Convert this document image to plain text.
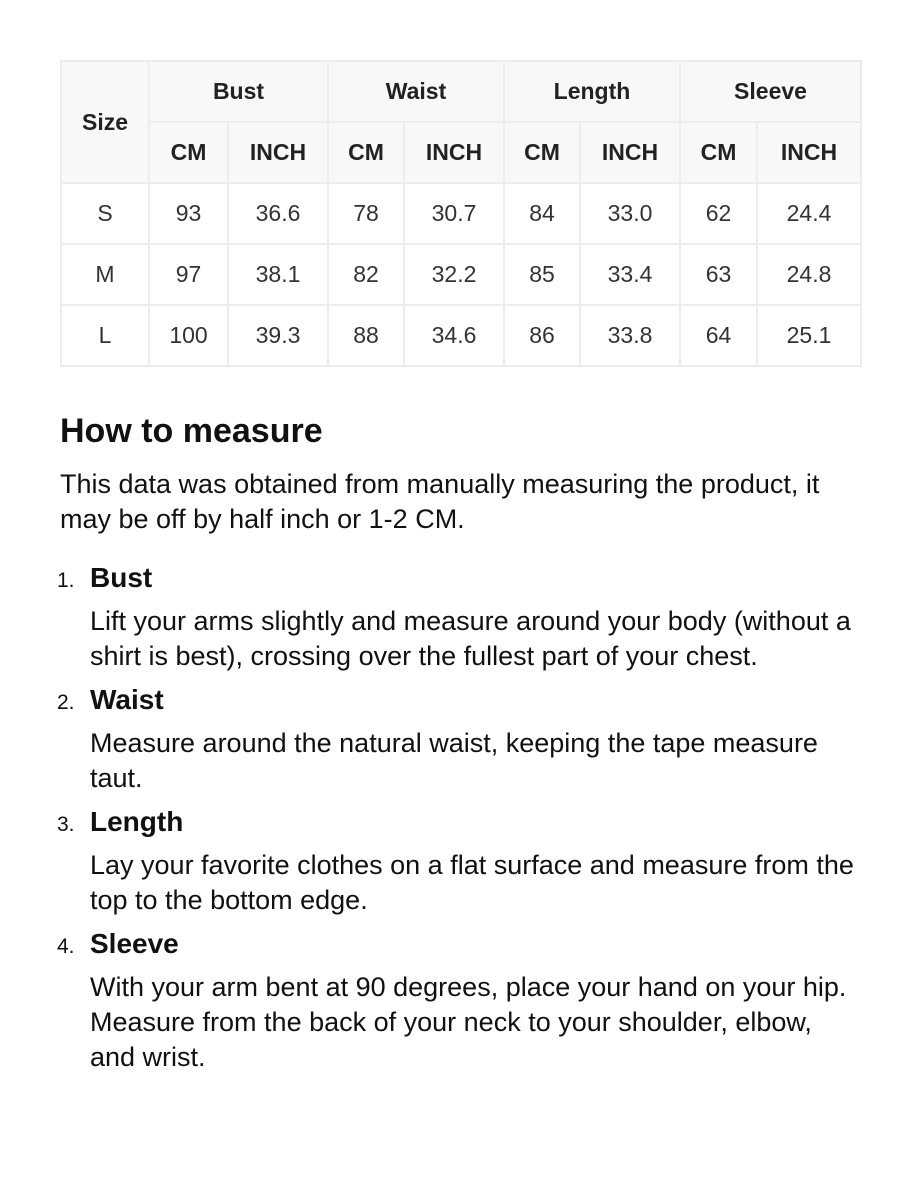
Size	Bust		Waist		Length		Sleeve	
	CM	INCH	CM	INCH	CM	INCH	CM	INCH
S	93	36.6	78	30.7	84	33.0	62	24.4
M	97	38.1	82	32.2	85	33.4	63	24.8
L	100	39.3	88	34.6	86	33.8	64	25.1
How to measure

This data was obtained from manually measuring the product, it may be off by half inch or 1-2 CM.

1. Bust

Lift your arms slightly and measure around your body (without a shirt is best), crossing over the fullest part of your chest.

2. Waist

Measure around the natural waist, keeping the tape measure taut.

3. Length

Lay your favorite clothes on a flat surface and measure from the top to the bottom edge.

4. Sleeve

With your arm bent at 90 degrees, place your hand on your hip. Measure from the back of your neck to your shoulder, elbow, and wrist.
